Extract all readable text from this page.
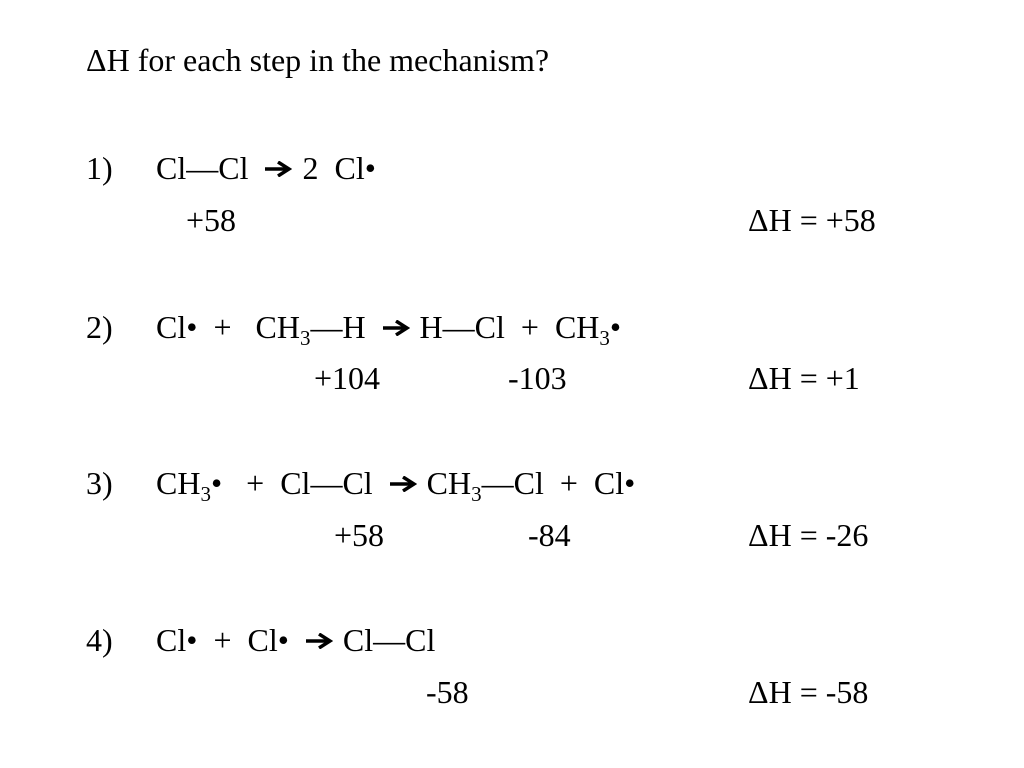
ΔH for each step in the mechanism?
1) Cl—Cl → 2  Cl•
+58	ΔH = +58
2) Cl•  +   $CH_3—H$ → H—Cl  +  $CH_3•$
+104	-103	ΔH = +1
3) $CH_3•$   +  Cl—Cl → $CH_3—Cl$  +  Cl•
+58	-84	ΔH = -26
4) Cl•  +  Cl• → Cl—Cl
-58	ΔH = -58
